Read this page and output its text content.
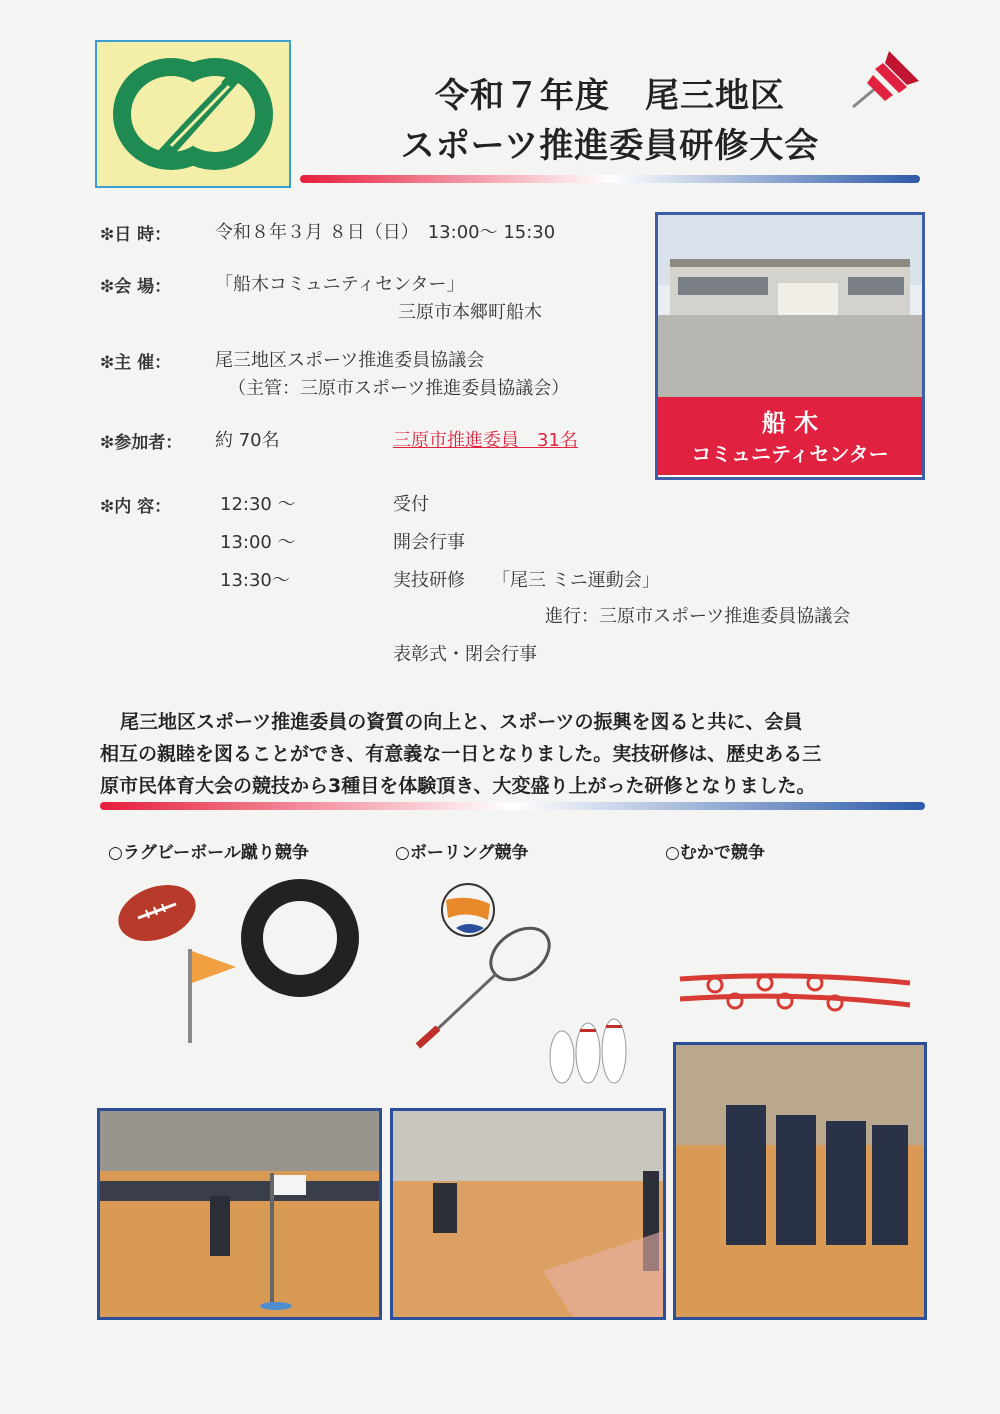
令和７年度　尾三地区
スポーツ推進委員研修大会
❇日 時： 令和８年３月 ８日（日）　13:00～ 15:30
❇会 場： 「船木コミュニティセンター」
三原市本郷町船木
❇主 催： 尾三地区スポーツ推進委員協議会
（主管：三原市スポーツ推進委員協議会）
❇参加者： 約 70名	三原市推進委員　31名
❇内 容：	12:30 ～	受付
13:00 ～	開会行事
13:30～	実技研修　　「尾三 ミニ運動会」
進行：三原市スポーツ推進委員協議会
表彰式・閉会行事
船 木
コミュニティセンター
尾三地区スポーツ推進委員の資質の向上と、スポーツの振興を図ると共に、会員
相互の親睦を図ることができ、有意義な一日となりました。実技研修は、歴史ある三
原市民体育大会の競技から3種目を体験頂き、大変盛り上がった研修となりました。
○ラグビーボール蹴り競争	○ボーリング競争	○むかで競争
